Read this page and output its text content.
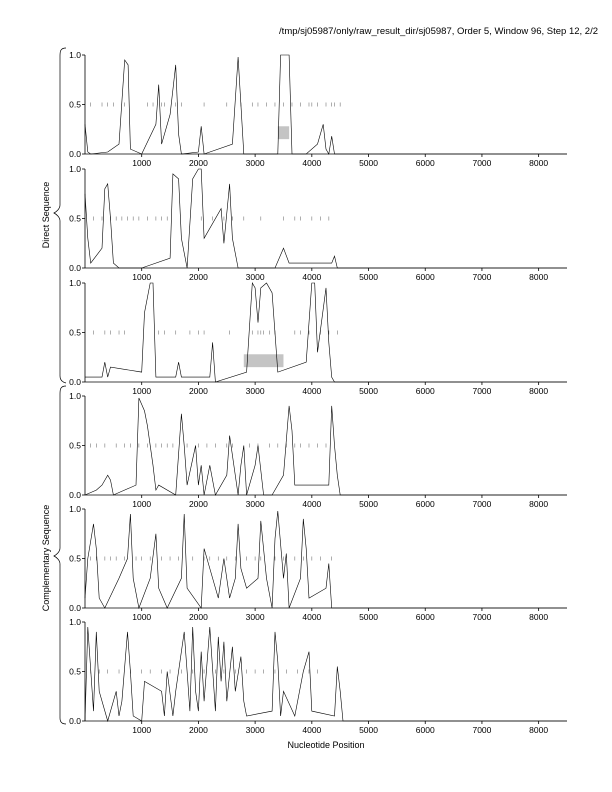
/tmp/sj05987/only/raw_result_dir/sj05987, Order 5, Window 96, Step 12, 2/2
0.0
0.5
1.0
1000	2000	3000	4000	5000	6000	7000	8000
0.0
0.5
1.0
1000	2000	3000	4000	5000	6000	7000	8000
0.0
0.5
1.0
1000	2000	3000	4000	5000	6000	7000	8000
0.0
0.5
1.0
1000	2000	3000	4000	5000	6000	7000	8000
0.0
0.5
1.0
1000	2000	3000	4000	5000	6000	7000	8000
0.0
0.5
1.0
1000	2000	3000	4000	5000	6000	7000	8000
Nucleotide Position
Direct Sequence
Complementary Sequence
